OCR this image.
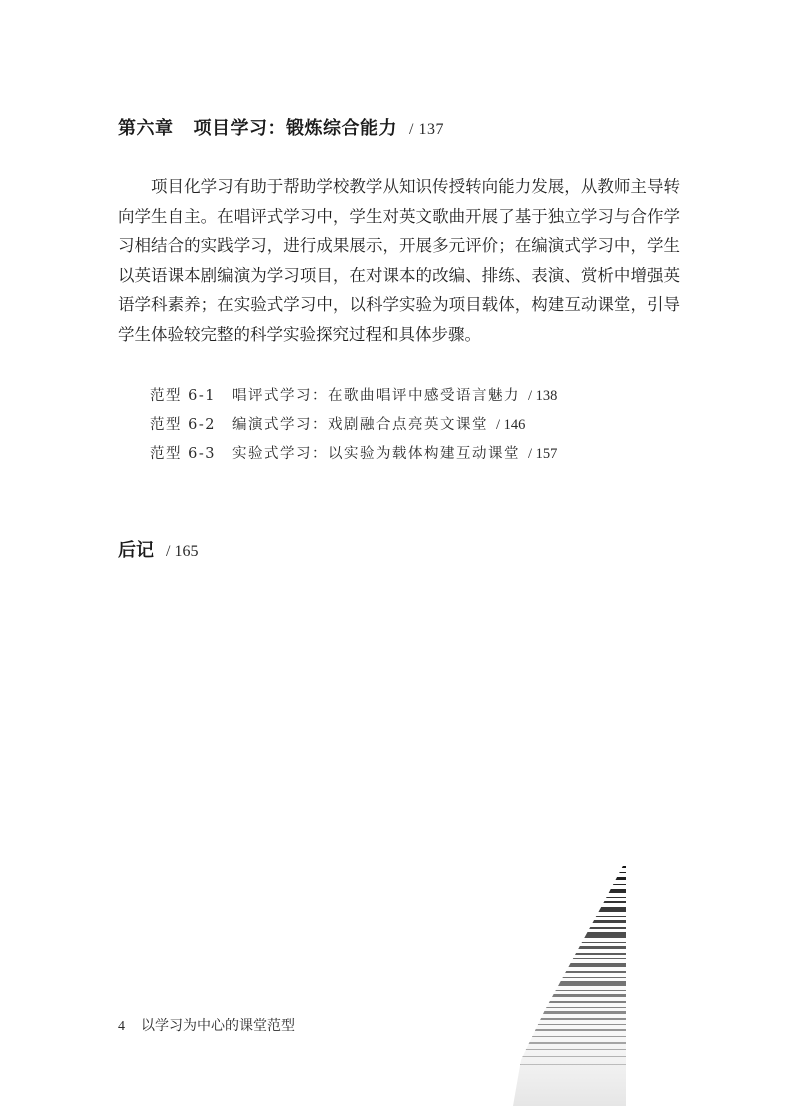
第六章 项目学习：锻炼综合能力 / 137

项目化学习有助于帮助学校教学从知识传授转向能力发展，从教师主导转向学生自主。在唱评式学习中，学生对英文歌曲开展了基于独立学习与合作学习相结合的实践学习，进行成果展示，开展多元评价；在编演式学习中，学生以英语课本剧编演为学习项目，在对课本的改编、排练、表演、赏析中增强英语学科素养；在实验式学习中，以科学实验为项目载体，构建互动课堂，引导学生体验较完整的科学实验探究过程和具体步骤。

范型 6-1 唱评式学习：在歌曲唱评中感受语言魅力 / 138
范型 6-2 编演式学习：戏剧融合点亮英文课堂 / 146
范型 6-3 实验式学习：以实验为载体构建互动课堂 / 157
后记 / 165
4 以学习为中心的课堂范型
